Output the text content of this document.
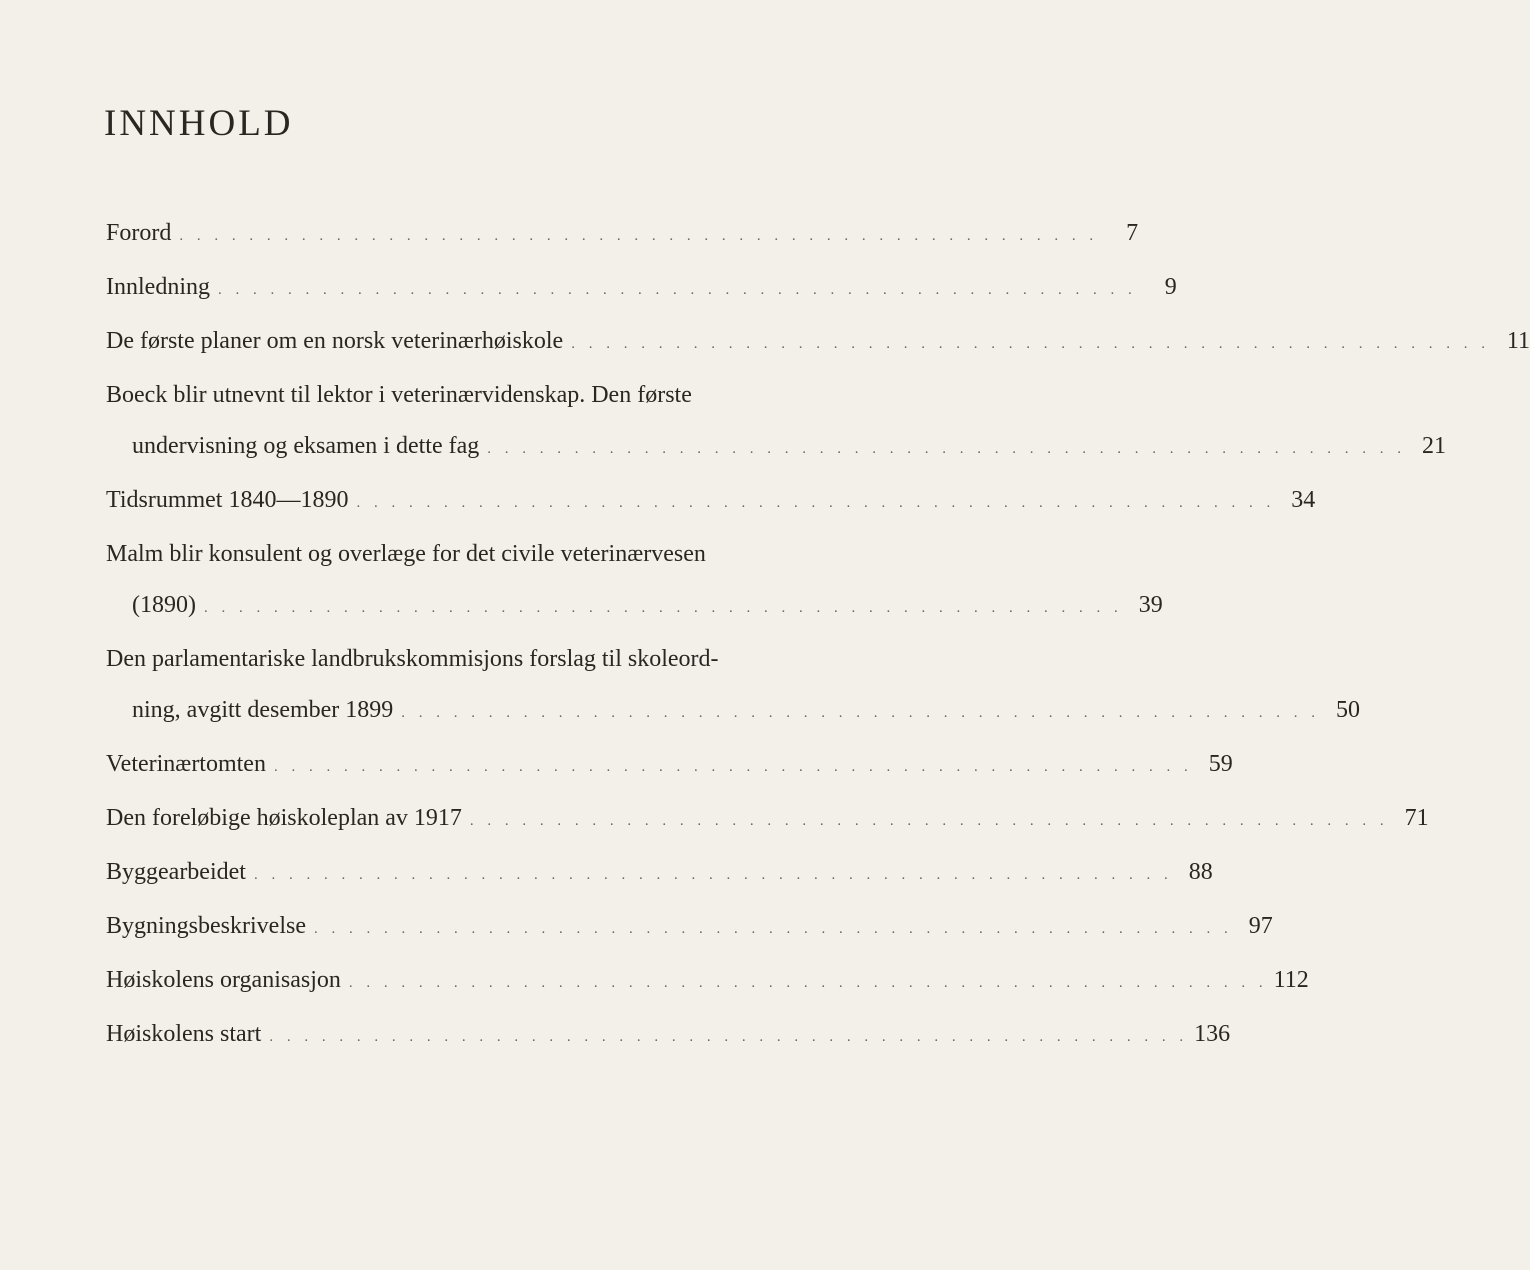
INNHOLD
Forord . . . . . . . . . . . . . . . . . . . . . . . . . . . . . . . . . . . . . . . . . . . . . . . . . . . . .	7
Innledning . . . . . . . . . . . . . . . . . . . . . . . . . . . . . . . . . . . . . . . . . . . . . . . . . . . . .	9
De første planer om en norsk veterinærhøiskole . . . . . . . . . . . . . . . . . . . . . . . . . . . . . . . . . . . . . . . . . . . . . . . . . . . . . 11
Boeck blir utnevnt til lektor i veterinærvidenskap. Den første
undervisning og eksamen i dette fag . . . . . . . . . . . . . . . . . . . . . . . . . . . . . . . . . . . . . . . . . . . . . . . . . . . . . 21
Tidsrummet 1840—1890 . . . . . . . . . . . . . . . . . . . . . . . . . . . . . . . . . . . . . . . . . . . . . . . . . . . . . 34
Malm blir konsulent og overlæge for det civile veterinærvesen
(1890) . . . . . . . . . . . . . . . . . . . . . . . . . . . . . . . . . . . . . . . . . . . . . . . . . . . . . 39
Den parlamentariske landbrukskommisjons forslag til skoleord-
ning, avgitt desember 1899 . . . . . . . . . . . . . . . . . . . . . . . . . . . . . . . . . . . . . . . . . . . . . . . . . . . . . 50
Veterinærtomten . . . . . . . . . . . . . . . . . . . . . . . . . . . . . . . . . . . . . . . . . . . . . . . . . . . . . 59
Den foreløbige høiskoleplan av 1917 . . . . . . . . . . . . . . . . . . . . . . . . . . . . . . . . . . . . . . . . . . . . . . . . . . . . . 71
Byggearbeidet . . . . . . . . . . . . . . . . . . . . . . . . . . . . . . . . . . . . . . . . . . . . . . . . . . . . . 88
Bygningsbeskrivelse . . . . . . . . . . . . . . . . . . . . . . . . . . . . . . . . . . . . . . . . . . . . . . . . . . . . . 97
Høiskolens organisasjon . . . . . . . . . . . . . . . . . . . . . . . . . . . . . . . . . . . . . . . . . . . . . . . . . . . . . 112
Høiskolens start . . . . . . . . . . . . . . . . . . . . . . . . . . . . . . . . . . . . . . . . . . . . . . . . . . . . . 136
